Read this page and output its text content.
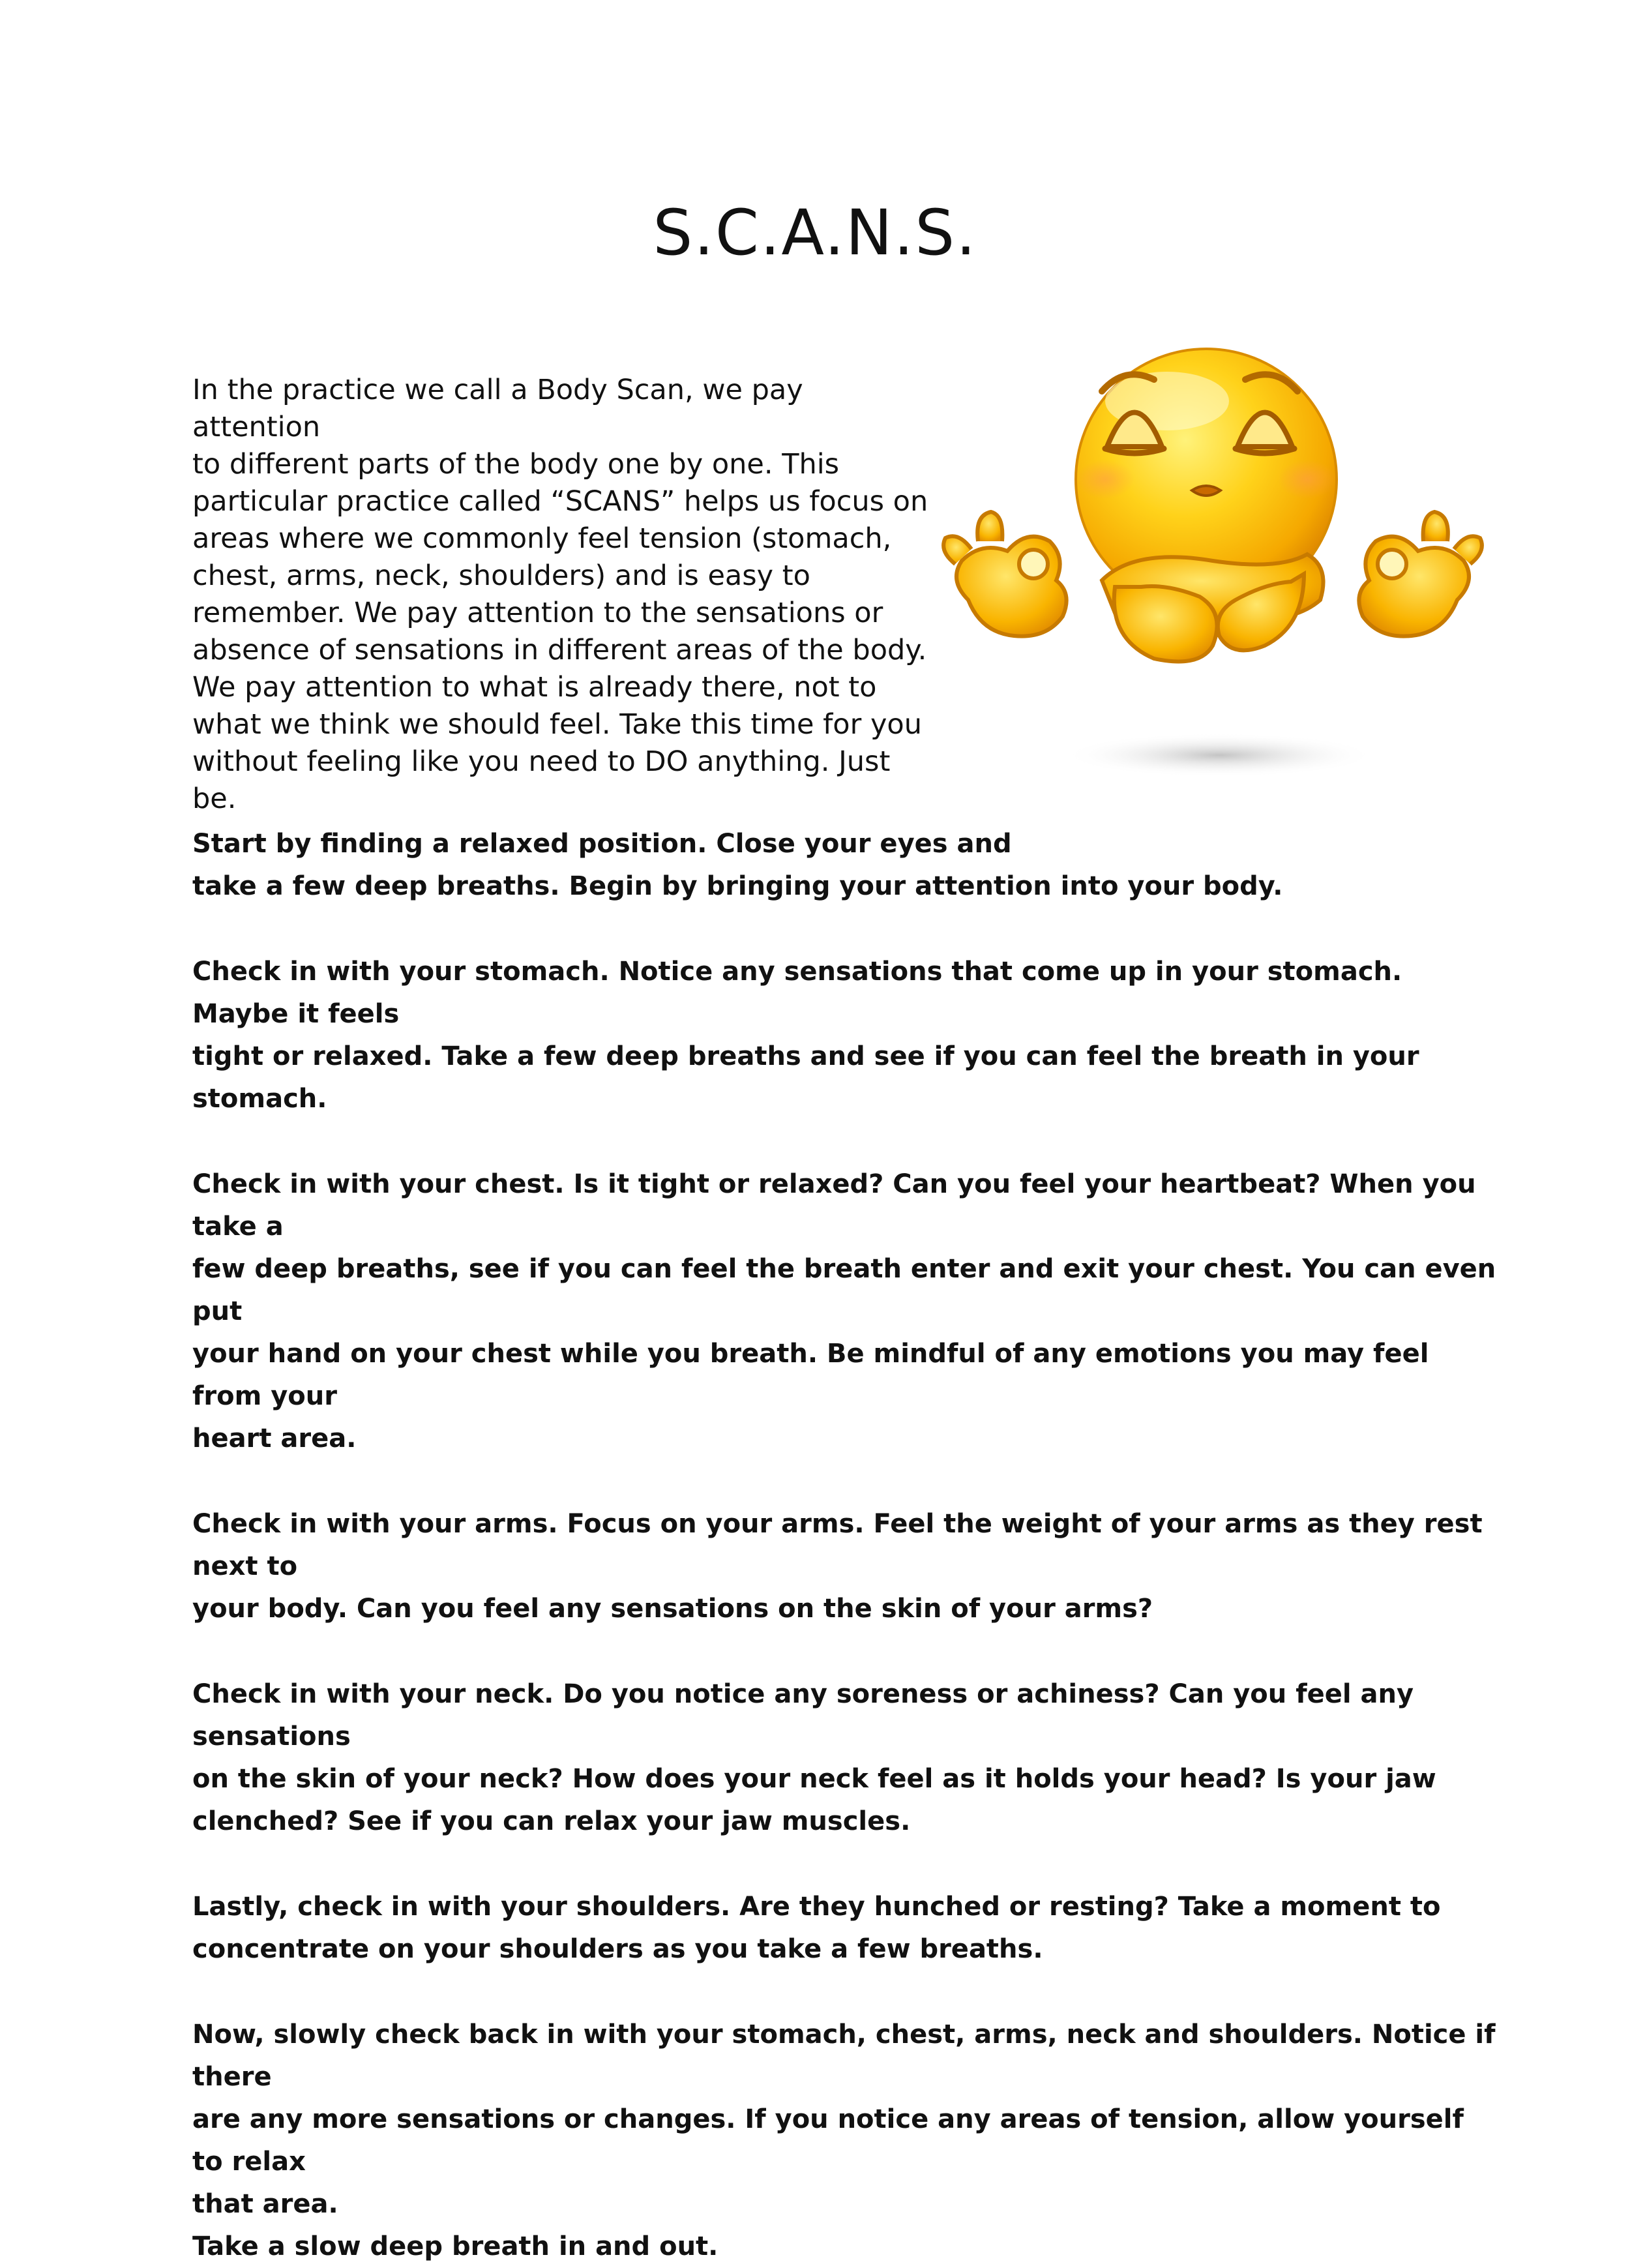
S.C.A.N.S.

In the practice we call a Body Scan, we pay attention
to different parts of the body one by one. This
particular practice called “SCANS” helps us focus on
areas where we commonly feel tension (stomach,
chest, arms, neck, shoulders) and is easy to
remember. We pay attention to the sensations or
absence of sensations in different areas of the body.
We pay attention to what is already there, not to
what we think we should feel. Take this time for you
without feeling like you need to DO anything. Just
be.

Start by finding a relaxed position. Close your eyes and
take a few deep breaths. Begin by bringing your attention into your body.

Check in with your stomach. Notice any sensations that come up in your stomach. Maybe it feels
tight or relaxed. Take a few deep breaths and see if you can feel the breath in your stomach.

Check in with your chest. Is it tight or relaxed? Can you feel your heartbeat? When you take a
few deep breaths, see if you can feel the breath enter and exit your chest. You can even put
your hand on your chest while you breath. Be mindful of any emotions you may feel from your
heart area.

Check in with your arms. Focus on your arms. Feel the weight of your arms as they rest next to
your body. Can you feel any sensations on the skin of your arms?

Check in with your neck. Do you notice any soreness or achiness? Can you feel any sensations
on the skin of your neck? How does your neck feel as it holds your head? Is your jaw
clenched? See if you can relax your jaw muscles.

Lastly, check in with your shoulders. Are they hunched or resting? Take a moment to
concentrate on your shoulders as you take a few breaths.

Now, slowly check back in with your stomach, chest, arms, neck and shoulders. Notice if there
are any more sensations or changes. If you notice any areas of tension, allow yourself to relax
that area.

Take a slow deep breath in and out.
